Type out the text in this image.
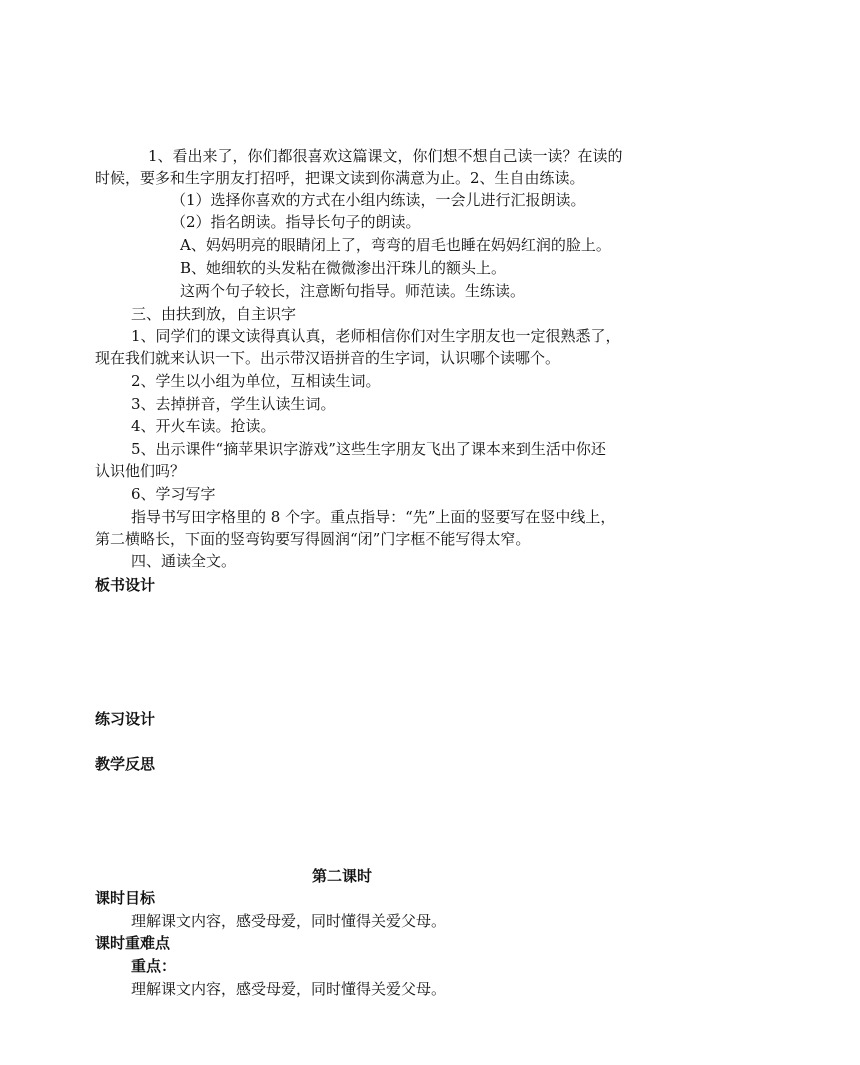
1、看出来了，你们都很喜欢这篇课文，你们想不想自己读一读？在读的
时候，要多和生字朋友打招呼，把课文读到你满意为止。2、生自由练读。
（1）选择你喜欢的方式在小组内练读，一会儿进行汇报朗读。
（2）指名朗读。指导长句子的朗读。
A、妈妈明亮的眼睛闭上了，弯弯的眉毛也睡在妈妈红润的脸上。
B、她细软的头发粘在微微渗出汗珠儿的额头上。
这两个句子较长，注意断句指导。师范读。生练读。
三、由扶到放，自主识字
1、同学们的课文读得真认真，老师相信你们对生字朋友也一定很熟悉了，
现在我们就来认识一下。出示带汉语拼音的生字词，认识哪个读哪个。
2、学生以小组为单位，互相读生词。
3、去掉拼音，学生认读生词。
4、开火车读。抢读。
5、出示课件“摘苹果识字游戏”这些生字朋友飞出了课本来到生活中你还
认识他们吗？
6、学习写字
指导书写田字格里的 8 个字。重点指导：“先”上面的竖要写在竖中线上，
第二横略长，下面的竖弯钩要写得圆润“闭”门字框不能写得太窄。
四、通读全文。
板书设计
练习设计
教学反思
第二课时
课时目标
理解课文内容，感受母爱，同时懂得关爱父母。
课时重难点
重点：
理解课文内容，感受母爱，同时懂得关爱父母。
